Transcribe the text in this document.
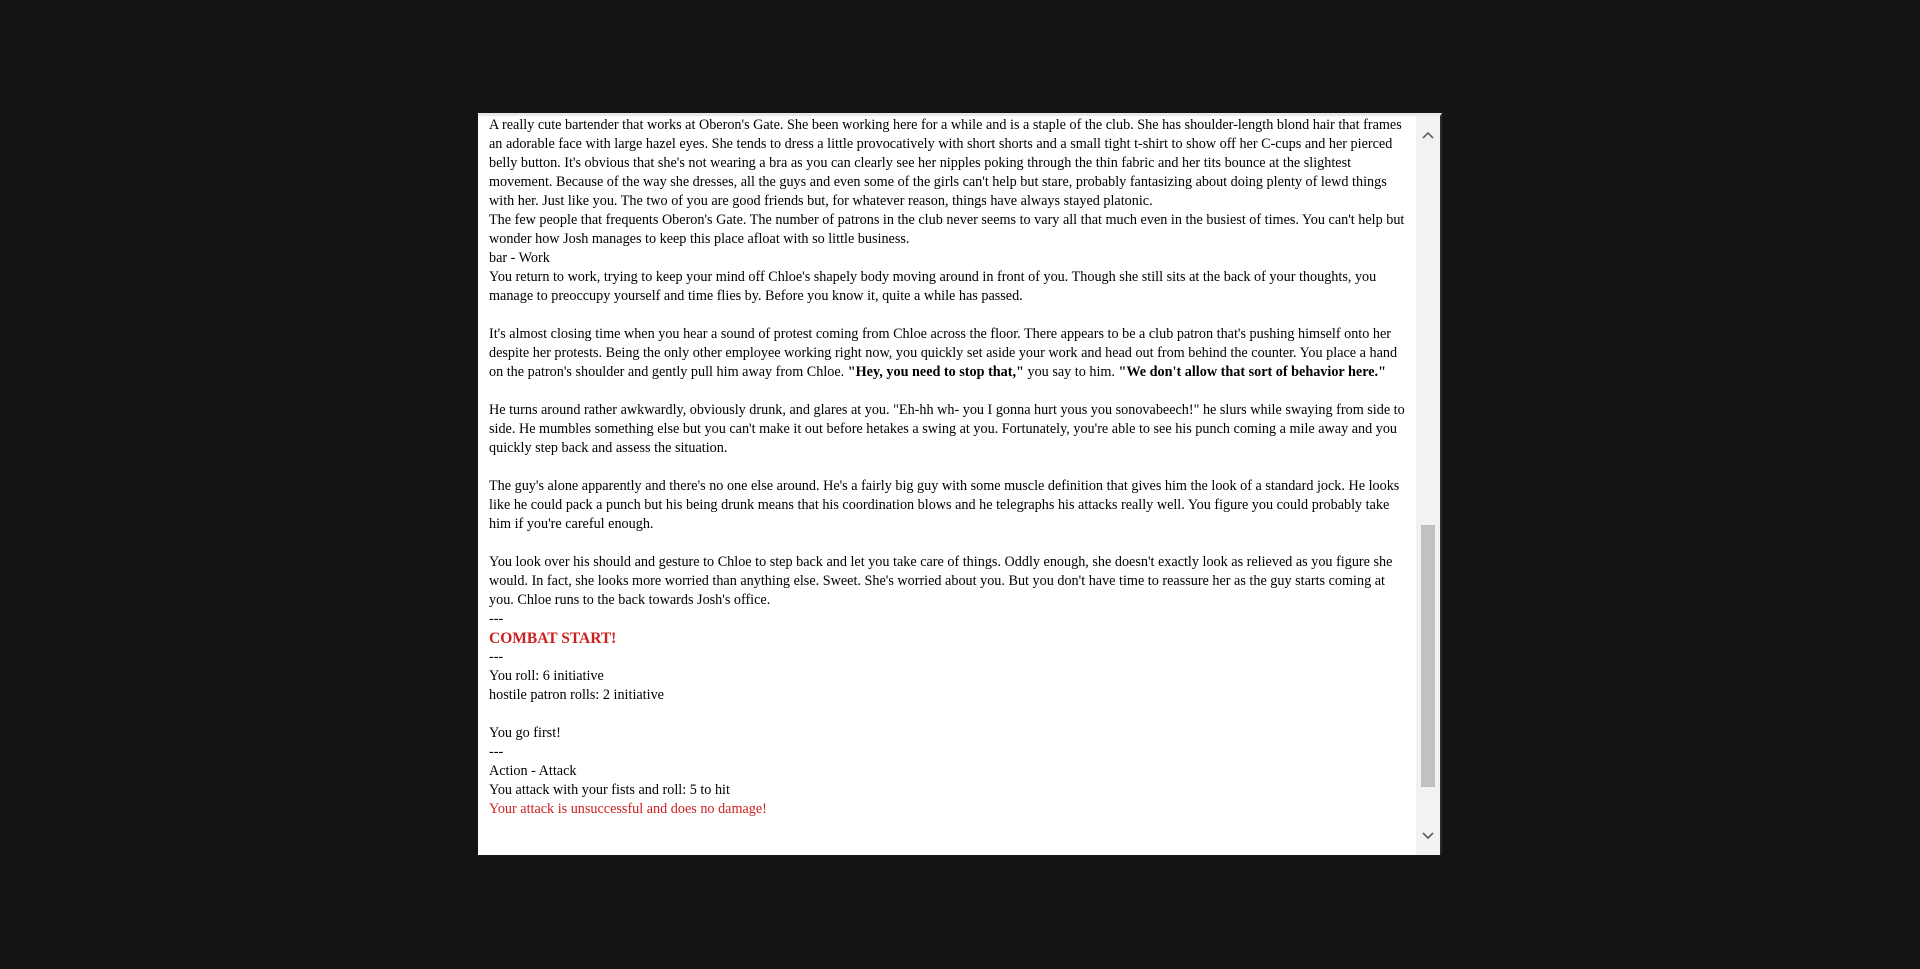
A really cute bartender that works at Oberon's Gate. She been working here for a while and is a staple of the club. She has shoulder-length blond hair that frames an adorable face with large hazel eyes. She tends to dress a little provocatively with short shorts and a small tight t-shirt to show off her C-cups and her pierced belly button. It's obvious that she's not wearing a bra as you can clearly see her nipples poking through the thin fabric and her tits bounce at the slightest movement. Because of the way she dresses, all the guys and even some of the girls can't help but stare, probably fantasizing about doing plenty of lewd things with her. Just like you. The two of you are good friends but, for whatever reason, things have always stayed platonic.

The few people that frequents Oberon's Gate. The number of patrons in the club never seems to vary all that much even in the busiest of times. You can't help but wonder how Josh manages to keep this place afloat with so little business.

bar - Work

You return to work, trying to keep your mind off Chloe's shapely body moving around in front of you. Though she still sits at the back of your thoughts, you manage to preoccupy yourself and time flies by. Before you know it, quite a while has passed.

It's almost closing time when you hear a sound of protest coming from Chloe across the floor. There appears to be a club patron that's pushing himself onto her despite her protests. Being the only other employee working right now, you quickly set aside your work and head out from behind the counter. You place a hand on the patron's shoulder and gently pull him away from Chloe. "Hey, you need to stop that," you say to him. "We don't allow that sort of behavior here."

He turns around rather awkwardly, obviously drunk, and glares at you. "Eh-hh wh- you I gonna hurt yous you sonovabeech!" he slurs while swaying from side to side. He mumbles something else but you can't make it out before hetakes a swing at you. Fortunately, you're able to see his punch coming a mile away and you quickly step back and assess the situation.

The guy's alone apparently and there's no one else around. He's a fairly big guy with some muscle definition that gives him the look of a standard jock. He looks like he could pack a punch but his being drunk means that his coordination blows and he telegraphs his attacks really well. You figure you could probably take him if you're careful enough.

You look over his should and gesture to Chloe to step back and let you take care of things. Oddly enough, she doesn't exactly look as relieved as you figure she would. In fact, she looks more worried than anything else. Sweet. She's worried about you. But you don't have time to reassure her as the guy starts coming at you. Chloe runs to the back towards Josh's office.

---

COMBAT START!

---

You roll: 6 initiative

hostile patron rolls: 2 initiative

You go first!

---

Action - Attack

You attack with your fists and roll: 5 to hit

Your attack is unsuccessful and does no damage!
